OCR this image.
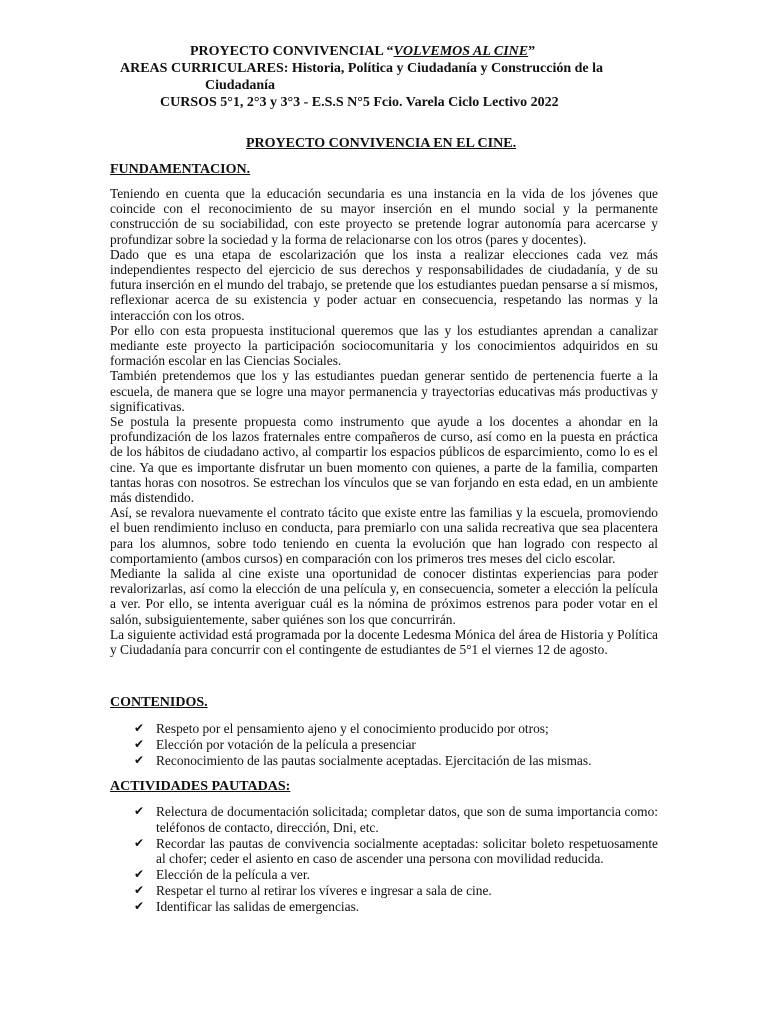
PROYECTO CONVIVENCIAL “VOLVEMOS AL CINE”
AREAS CURRICULARES: Historia, Política y Ciudadanía y Construcción de la
Ciudadanía
CURSOS 5°1, 2°3 y 3°3 - E.S.S N°5 Fcio. Varela Ciclo Lectivo 2022
PROYECTO CONVIVENCIA EN EL CINE.
FUNDAMENTACION.

Teniendo en cuenta que la educación secundaria es una instancia en la vida de los jóvenes que coincide con el reconocimiento de su mayor inserción en el mundo social y la permanente construcción de su sociabilidad, con este proyecto se pretende lograr autonomía para acercarse y profundizar sobre la sociedad y la forma de relacionarse con los otros (pares y docentes).

Dado que es una etapa de escolarización que los insta a realizar elecciones cada vez más independientes respecto del ejercicio de sus derechos y responsabilidades de ciudadanía, y de su futura inserción en el mundo del trabajo, se pretende que los estudiantes puedan pensarse a sí mismos, reflexionar acerca de su existencia y poder actuar en consecuencia, respetando las normas y la interacción con los otros.

Por ello con esta propuesta institucional queremos que las y los estudiantes aprendan a canalizar mediante este proyecto la participación sociocomunitaria y los conocimientos adquiridos en su formación escolar en las Ciencias Sociales.

También pretendemos que los y las estudiantes puedan generar sentido de pertenencia fuerte a la escuela, de manera que se logre una mayor permanencia y trayectorias educativas más productivas y significativas.

Se postula la presente propuesta como instrumento que ayude a los docentes a ahondar en la profundización de los lazos fraternales entre compañeros de curso, así como en la puesta en práctica de los hábitos de ciudadano activo, al compartir los espacios públicos de esparcimiento, como lo es el cine. Ya que es importante disfrutar un buen momento con quienes, a parte de la familia, comparten tantas horas con nosotros. Se estrechan los vínculos que se van forjando en esta edad, en un ambiente más distendido.

Así, se revalora nuevamente el contrato tácito que existe entre las familias y la escuela, promoviendo el buen rendimiento incluso en conducta, para premiarlo con una salida recreativa que sea placentera para los alumnos, sobre todo teniendo en cuenta la evolución que han logrado con respecto al comportamiento (ambos cursos) en comparación con los primeros tres meses del ciclo escolar.

Mediante la salida al cine existe una oportunidad de conocer distintas experiencias para poder revalorizarlas, así como la elección de una película y, en consecuencia, someter a elección la película a ver. Por ello, se intenta averiguar cuál es la nómina de próximos estrenos para poder votar en el salón, subsiguientemente, saber quiénes son los que concurrirán.

La siguiente actividad está programada por la docente Ledesma Mónica del área de Historia y Política y Ciudadanía para concurrir con el contingente de estudiantes de 5°1 el viernes 12 de agosto.

CONTENIDOS.
✔ Respeto por el pensamiento ajeno y el conocimiento producido por otros;
✔ Elección por votación de la película a presenciar
✔ Reconocimiento de las pautas socialmente aceptadas. Ejercitación de las mismas.
ACTIVIDADES PAUTADAS:
✔ Relectura de documentación solicitada; completar datos, que son de suma importancia como: teléfonos de contacto, dirección, Dni, etc.
✔ Recordar las pautas de convivencia socialmente aceptadas: solicitar boleto respetuosamente al chofer; ceder el asiento en caso de ascender una persona con movilidad reducida.
✔ Elección de la película a ver.
✔ Respetar el turno al retirar los víveres e ingresar a sala de cine.
✔ Identificar las salidas de emergencias.
